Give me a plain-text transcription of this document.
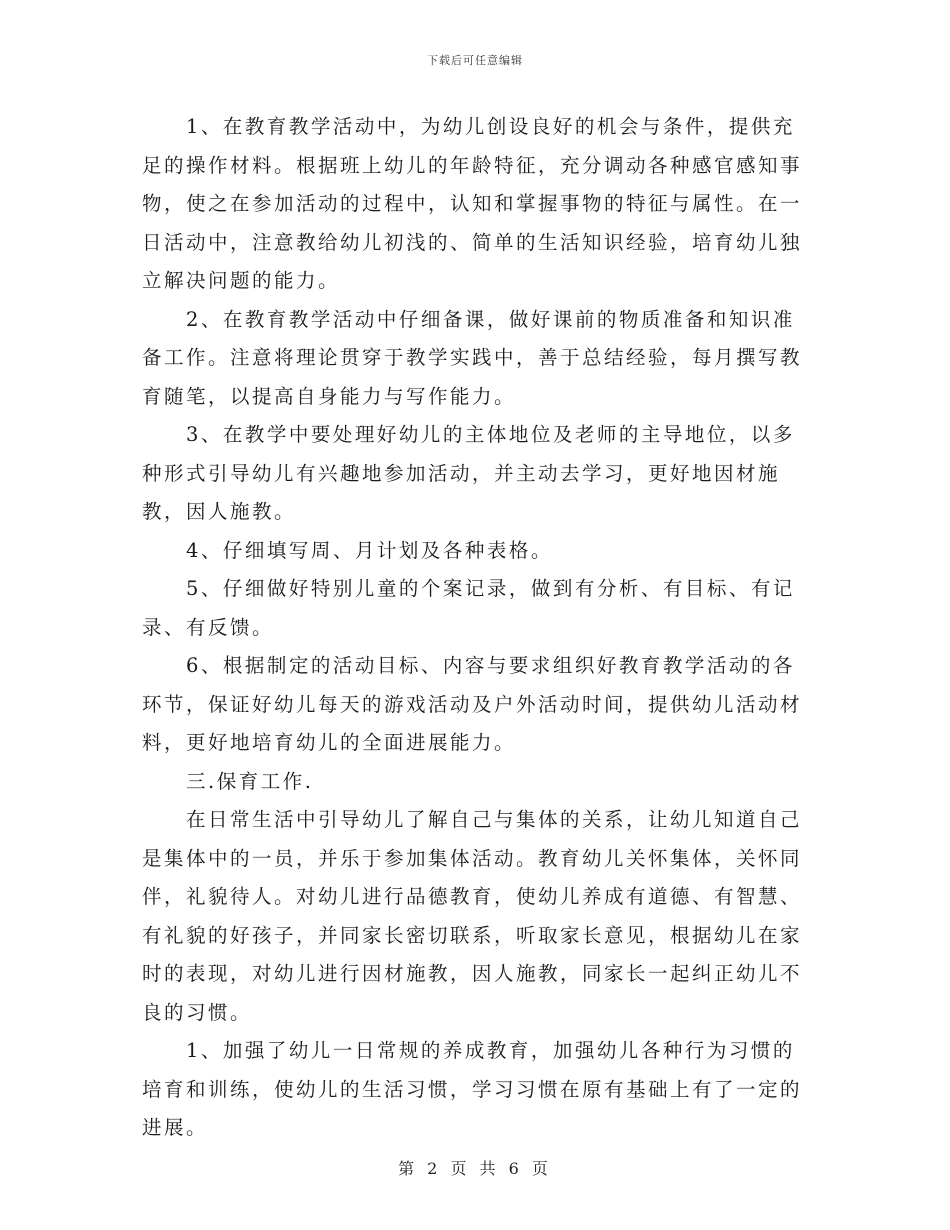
下载后可任意编辑

1、在教育教学活动中，为幼儿创设良好的机会与条件，提供充足的操作材料。根据班上幼儿的年龄特征，充分调动各种感官感知事物，使之在参加活动的过程中，认知和掌握事物的特征与属性。在一日活动中，注意教给幼儿初浅的、简单的生活知识经验，培育幼儿独立解决问题的能力。

2、在教育教学活动中仔细备课，做好课前的物质准备和知识准备工作。注意将理论贯穿于教学实践中，善于总结经验，每月撰写教育随笔，以提高自身能力与写作能力。

3、在教学中要处理好幼儿的主体地位及老师的主导地位，以多种形式引导幼儿有兴趣地参加活动，并主动去学习，更好地因材施教，因人施教。

4、仔细填写周、月计划及各种表格。

5、仔细做好特别儿童的个案记录，做到有分析、有目标、有记录、有反馈。

6、根据制定的活动目标、内容与要求组织好教育教学活动的各环节，保证好幼儿每天的游戏活动及户外活动时间，提供幼儿活动材料，更好地培育幼儿的全面进展能力。

三.保育工作.

在日常生活中引导幼儿了解自己与集体的关系，让幼儿知道自己是集体中的一员，并乐于参加集体活动。教育幼儿关怀集体，关怀同伴，礼貌待人。对幼儿进行品德教育，使幼儿养成有道德、有智慧、有礼貌的好孩子，并同家长密切联系，听取家长意见，根据幼儿在家时的表现，对幼儿进行因材施教，因人施教，同家长一起纠正幼儿不良的习惯。

1、加强了幼儿一日常规的养成教育，加强幼儿各种行为习惯的培育和训练，使幼儿的生活习惯，学习习惯在原有基础上有了一定的进展。

第 2 页 共 6 页
